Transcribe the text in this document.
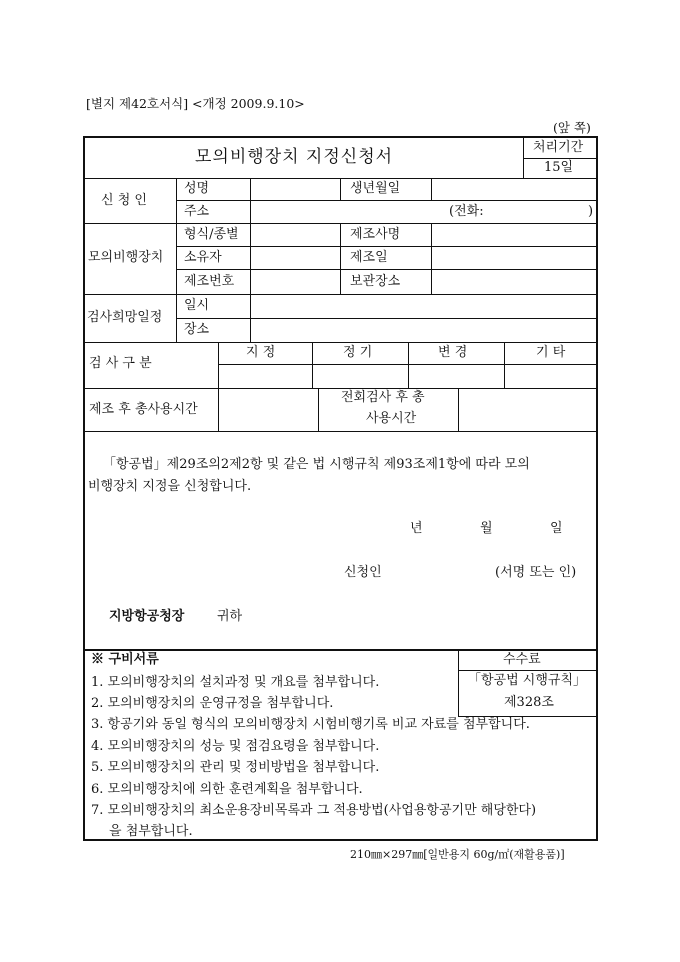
[별지 제42호서식] <개정 2009.9.10>
(앞 쪽)
모의비행장치 지정신청서	처리기간
15일
신 청 인
성명	생년월일
주소	(전화:	)
모의비행장치
형식/종별	제조사명
소유자	제조일
제조번호	보관장소
검사희망일정
일시
장소
검 사 구 분
지 정	정 기	변 경	기 타
제조 후 총사용시간
전회검사 후 총
사용시간
「항공법」제29조의2제2항 및 같은 법 시행규칙 제93조제1항에 따라 모의
비행장치 지정을 신청합니다.
년	월	일
신청인	(서명 또는 인)
지방항공청장	귀하
※ 구비서류
1. 모의비행장치의 설치과정 및 개요를 첨부합니다.
2. 모의비행장치의 운영규정을 첨부합니다.
3. 항공기와 동일 형식의 모의비행장치 시험비행기록 비교 자료를 첨부합니다.
4. 모의비행장치의 성능 및 점검요령을 첨부합니다.
5. 모의비행장치의 관리 및 정비방법을 첨부합니다.
6. 모의비행장치에 의한 훈련계획을 첨부합니다.
7. 모의비행장치의 최소운용장비목록과 그 적용방법(사업용항공기만 해당한다)
을 첨부합니다.
수수료
「항공법 시행규칙」
제328조
210㎜×297㎜[일반용지 60g/㎡(재활용품)]
